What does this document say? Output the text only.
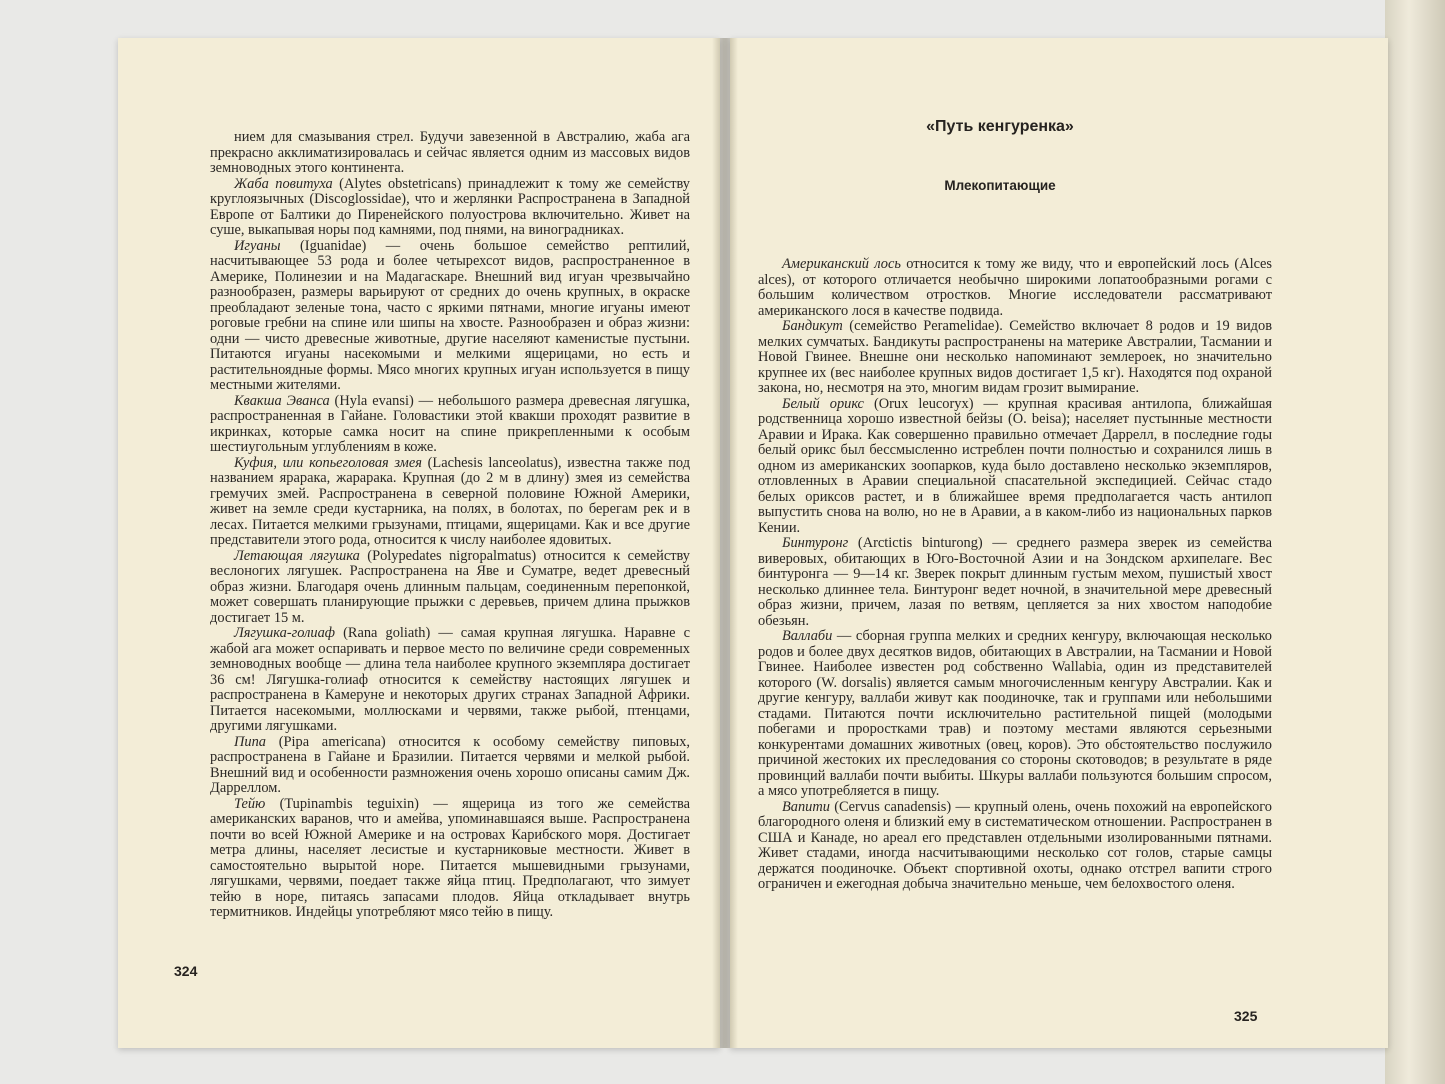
нием для смазывания стрел. Будучи завезенной в Австралию, жаба ага прекрасно акклиматизировалась и сейчас является одним из массовых видов земноводных этого континента.

Жаба повитуха (Alytes obstetricans) принадлежит к тому же семейству круглоязычных (Discoglossidae), что и жерлянки Распространена в Западной Европе от Балтики до Пиренейского полуострова включительно. Живет на суше, выкапывая норы под камнями, под пнями, на виноградниках.

Игуаны (Iguanidae) — очень большое семейство рептилий, насчитывающее 53 рода и более четырехсот видов, распространенное в Америке, Полинезии и на Мадагаскаре. Внешний вид игуан чрезвычайно разнообразен, размеры варьируют от средних до очень крупных, в окраске преобладают зеленые тона, часто с яркими пятнами, многие игуаны имеют роговые гребни на спине или шипы на хвосте. Разнообразен и образ жизни: одни — чисто древесные животные, другие населяют каменистые пустыни. Питаются игуаны насекомыми и мелкими ящерицами, но есть и растительноядные формы. Мясо многих крупных игуан используется в пищу местными жителями.

Квакша Эванса (Hyla evansi) — небольшого размера древесная лягушка, распространенная в Гайане. Головастики этой квакши проходят развитие в икринках, которые самка носит на спине прикрепленными к особым шестиугольным углублениям в коже.

Куфия, или копьеголовая змея (Lachesis lanceolatus), известна также под названием ярарака, жарарака. Крупная (до 2 м в длину) змея из семейства гремучих змей. Распространена в северной половине Южной Америки, живет на земле среди кустарника, на полях, в болотах, по берегам рек и в лесах. Питается мелкими грызунами, птицами, ящерицами. Как и все другие представители этого рода, относится к числу наиболее ядовитых.

Летающая лягушка (Polypedates nigropalmatus) относится к семейству веслоногих лягушек. Распространена на Яве и Суматре, ведет древесный образ жизни. Благодаря очень длинным пальцам, соединенным перепонкой, может совершать планирующие прыжки с деревьев, причем длина прыжков достигает 15 м.

Лягушка-голиаф (Rana goliath) — самая крупная лягушка. Наравне с жабой ага может оспаривать и первое место по величине среди современных земноводных вообще — длина тела наиболее крупного экземпляра достигает 36 см! Лягушка-голиаф относится к семейству настоящих лягушек и распространена в Камеруне и некоторых других странах Западной Африки. Питается насекомыми, моллюсками и червями, также рыбой, птенцами, другими лягушками.

Пипа (Pipa americana) относится к особому семейству пиповых, распространена в Гайане и Бразилии. Питается червями и мелкой рыбой. Внешний вид и особенности размножения очень хорошо описаны самим Дж. Дарреллом.

Тейю (Tupinambis teguixin) — ящерица из того же семейства американских варанов, что и амейва, упоминавшаяся выше. Распространена почти во всей Южной Америке и на островах Карибского моря. Достигает метра длины, населяет лесистые и кустарниковые местности. Живет в самостоятельно вырытой норе. Питается мышевидными грызунами, лягушками, червями, поедает также яйца птиц. Предполагают, что зимует тейю в норе, питаясь запасами плодов. Яйца откладывает внутрь термитников. Индейцы употребляют мясо тейю в пищу.

324
«Путь кенгуренка»
Млекопитающие

Американский лось относится к тому же виду, что и европейский лось (Alces alces), от которого отличается необычно широкими лопатообразными рогами с большим количеством отростков. Многие исследователи рассматривают американского лося в качестве подвида.

Бандикут (семейство Peramelidae). Семейство включает 8 родов и 19 видов мелких сумчатых. Бандикуты распространены на материке Австралии, Тасмании и Новой Гвинее. Внешне они несколько напоминают землероек, но значительно крупнее их (вес наиболее крупных видов достигает 1,5 кг). Находятся под охраной закона, но, несмотря на это, многим видам грозит вымирание.

Белый орикс (Orux leucoryx) — крупная красивая антилопа, ближайшая родственница хорошо известной бейзы (O. beisa); населяет пустынные местности Аравии и Ирака. Как совершенно правильно отмечает Даррелл, в последние годы белый орикс был бессмысленно истреблен почти полностью и сохранился лишь в одном из американских зоопарков, куда было доставлено несколько экземпляров, отловленных в Аравии специальной спасательной экспедицией. Сейчас стадо белых ориксов растет, и в ближайшее время предполагается часть антилоп выпустить снова на волю, но не в Аравии, а в каком-либо из национальных парков Кении.

Бинтуронг (Arctictis binturong) — среднего размера зверек из семейства виверовых, обитающих в Юго-Восточной Азии и на Зондском архипелаге. Вес бинтуронга — 9—14 кг. Зверек покрыт длинным густым мехом, пушистый хвост несколько длиннее тела. Бинтуронг ведет ночной, в значительной мере древесный образ жизни, причем, лазая по ветвям, цепляется за них хвостом наподобие обезьян.

Валлаби — сборная группа мелких и средних кенгуру, включающая несколько родов и более двух десятков видов, обитающих в Австралии, на Тасмании и Новой Гвинее. Наиболее известен род собственно Wallabia, один из представителей которого (W. dorsalis) является самым многочисленным кенгуру Австралии. Как и другие кенгуру, валлаби живут как поодиночке, так и группами или небольшими стадами. Питаются почти исключительно растительной пищей (молодыми побегами и проростками трав) и поэтому местами являются серьезными конкурентами домашних животных (овец, коров). Это обстоятельство послужило причиной жестоких их преследования со стороны скотоводов; в результате в ряде провинций валлаби почти выбиты. Шкуры валлаби пользуются большим спросом, а мясо употребляется в пищу.

Вапити (Cervus canadensis) — крупный олень, очень похожий на европейского благородного оленя и близкий ему в систематическом отношении. Распространен в США и Канаде, но ареал его представлен отдельными изолированными пятнами. Живет стадами, иногда насчитывающими несколько сот голов, старые самцы держатся поодиночке. Объект спортивной охоты, однако отстрел вапити строго ограничен и ежегодная добыча значительно меньше, чем белохвостого оленя.

325
